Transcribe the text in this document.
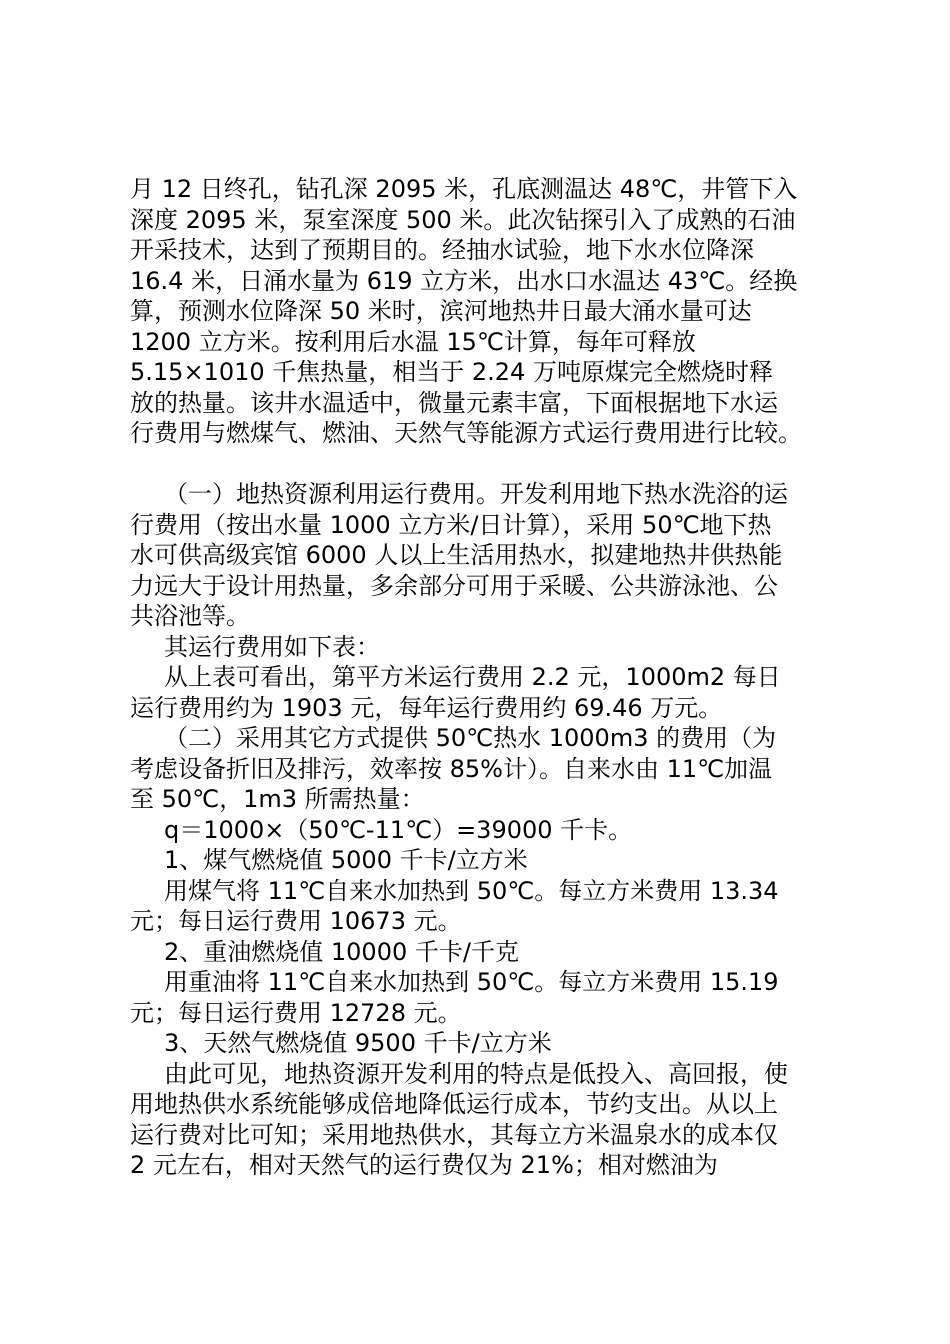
月 12 日终孔，钻孔深 2095 米，孔底测温达 48℃，井管下入
深度 2095 米，泵室深度 500 米。此次钻探引入了成熟的石油
开采技术，达到了预期目的。经抽水试验，地下水水位降深
16.4 米，日涌水量为 619 立方米，出水口水温达 43℃。经换
算，预测水位降深 50 米时，滨河地热井日最大涌水量可达
1200 立方米。按利用后水温 15℃计算，每年可释放
5.15×1010 千焦热量，相当于 2.24 万吨原煤完全燃烧时释
放的热量。该井水温适中，微量元素丰富，下面根据地下水运
行费用与燃煤气、燃油、天然气等能源方式运行费用进行比较。
（一）地热资源利用运行费用。开发利用地下热水洗浴的运
行费用（按出水量 1000 立方米/日计算），采用 50℃地下热
水可供高级宾馆 6000 人以上生活用热水，拟建地热井供热能
力远大于设计用热量，多余部分可用于采暖、公共游泳池、公
共浴池等。
其运行费用如下表：
从上表可看出，第平方米运行费用 2.2 元，1000m2 每日
运行费用约为 1903 元，每年运行费用约 69.46 万元。
（二）采用其它方式提供 50℃热水 1000m3 的费用（为
考虑设备折旧及排污，效率按 85%计）。自来水由 11℃加温
至 50℃，1m3 所需热量：
q＝1000×（50℃-11℃）=39000 千卡。
1、煤气燃烧值 5000 千卡/立方米
用煤气将 11℃自来水加热到 50℃。每立方米费用 13.34
元；每日运行费用 10673 元。
2、重油燃烧值 10000 千卡/千克
用重油将 11℃自来水加热到 50℃。每立方米费用 15.19
元；每日运行费用 12728 元。
3、天然气燃烧值 9500 千卡/立方米
由此可见，地热资源开发利用的特点是低投入、高回报，使
用地热供水系统能够成倍地降低运行成本，节约支出。从以上
运行费对比可知；采用地热供水，其每立方米温泉水的成本仅
2 元左右，相对天然气的运行费仅为 21%；相对燃油为
